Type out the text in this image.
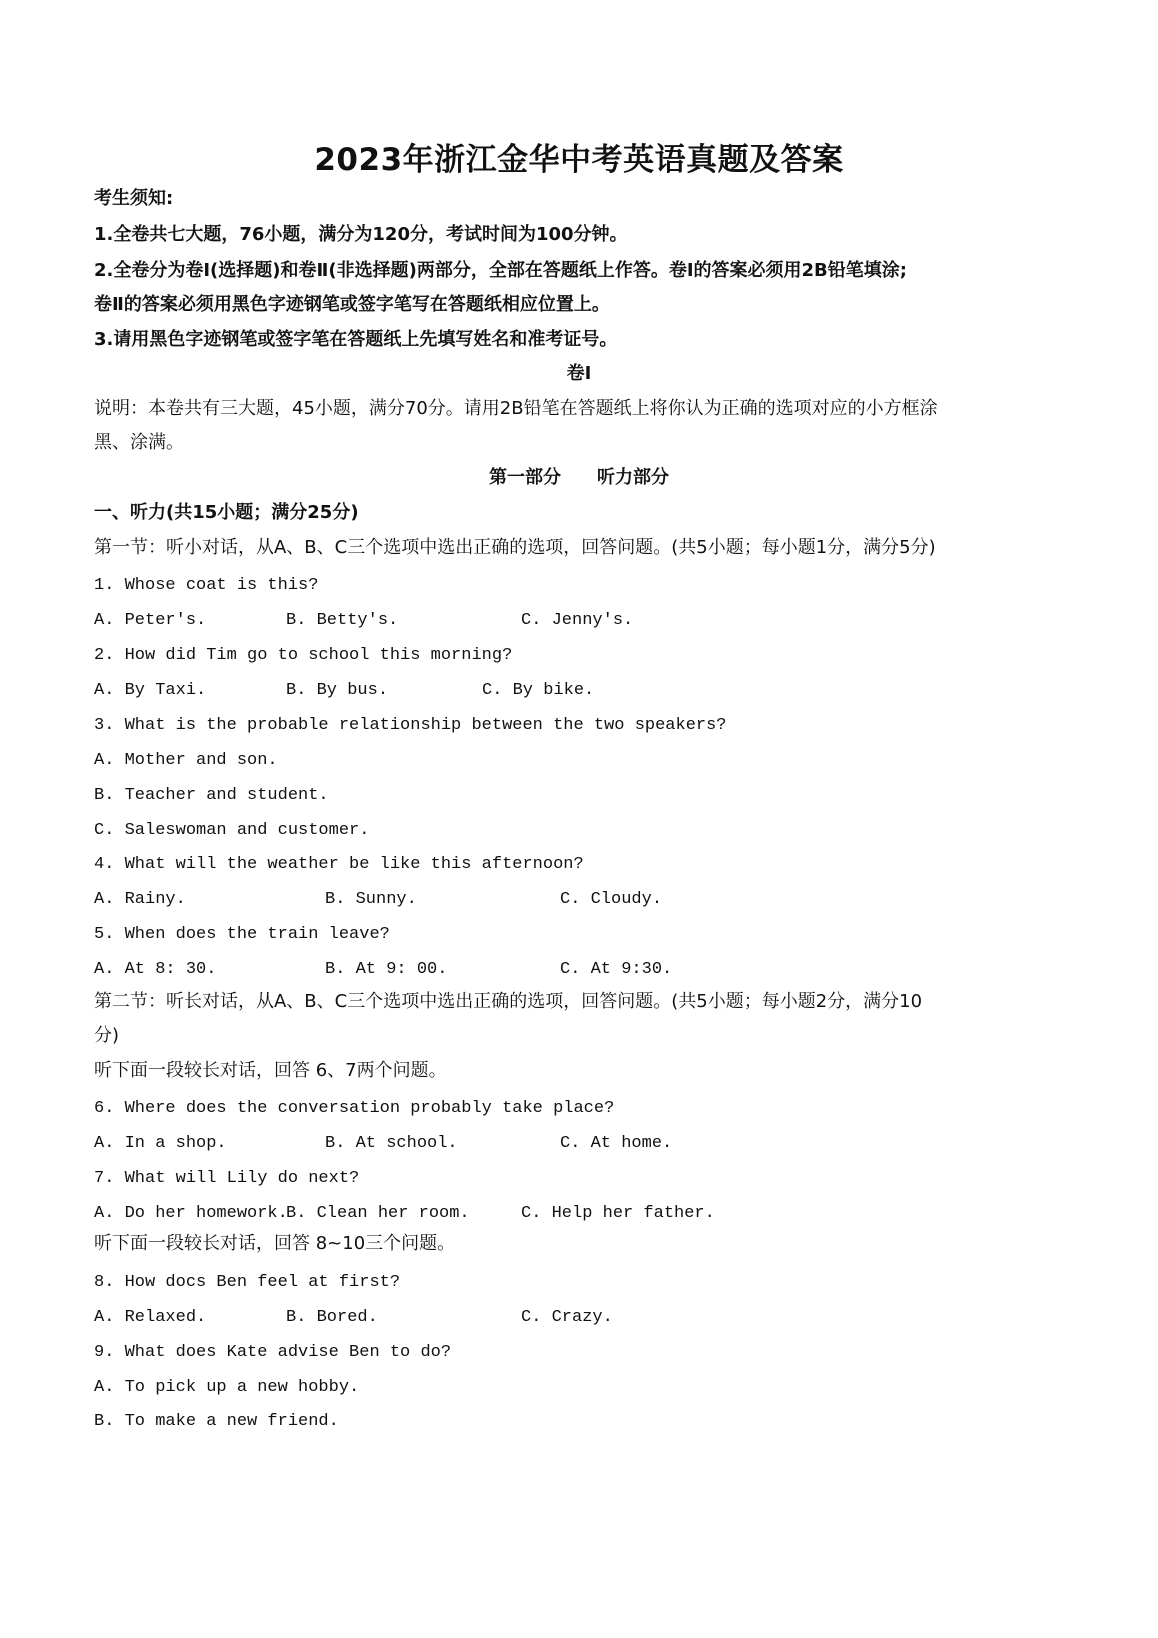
2023年浙江金华中考英语真题及答案
考生须知:
1.全卷共七大题，76小题，满分为120分，考试时间为100分钟。
2.全卷分为卷Ⅰ(选择题)和卷Ⅱ(非选择题)两部分，全部在答题纸上作答。卷Ⅰ的答案必须用2B铅笔填涂;
卷Ⅱ的答案必须用黑色字迹钢笔或签字笔写在答题纸相应位置上。
3.请用黑色字迹钢笔或签字笔在答题纸上先填写姓名和准考证号。
卷Ⅰ
说明：本卷共有三大题，45小题，满分70分。请用2B铅笔在答题纸上将你认为正确的选项对应的小方框涂
黑、涂满。
第一部分　　听力部分
一、听力(共15小题；满分25分)
第一节：听小对话，从A、B、C三个选项中选出正确的选项，回答问题。(共5小题；每小题1分，满分5分)
1. Whose coat is this?
A. Peter's.	B. Betty's.	C. Jenny's.
2. How did Tim go to school this morning?
A. By Taxi.	B. By bus.	C. By bike.
3. What is the probable relationship between the two speakers?
A. Mother and son.
B. Teacher and student.
C. Saleswoman and customer.
4. What will the weather be like this afternoon?
A. Rainy.	B. Sunny.	C. Cloudy.
5. When does the train leave?
A. At 8: 30.	B. At 9: 00.	C. At 9:30.
第二节：听长对话，从A、B、C三个选项中选出正确的选项，回答问题。(共5小题；每小题2分，满分10
分)
听下面一段较长对话，回答 6、7两个问题。
6. Where does the conversation probably take place?
A. In a shop.	B. At school.	C. At home.
7. What will Lily do next?
A. Do her homework.
B. Clean her room.	C. Help her father.
听下面一段较长对话，回答 8~10三个问题。
8. How docs Ben feel at first?
A. Relaxed.	B. Bored.	C. Crazy.
9. What does Kate advise Ben to do?
A. To pick up a new hobby.
B. To make a new friend.
